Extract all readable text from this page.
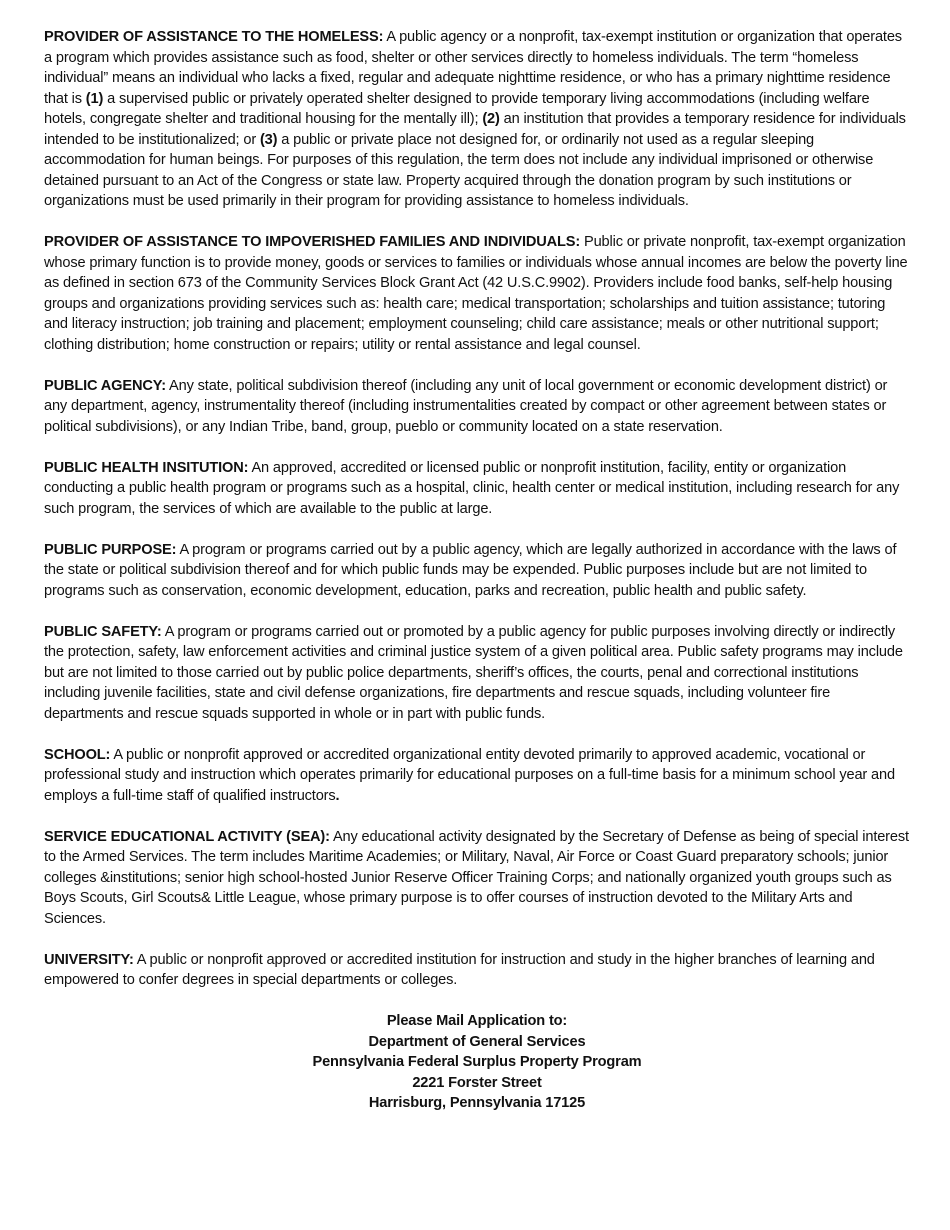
PROVIDER OF ASSISTANCE TO THE HOMELESS: A public agency or a nonprofit, tax-exempt institution or organization that operates a program which provides assistance such as food, shelter or other services directly to homeless individuals. The term “homeless individual” means an individual who lacks a fixed, regular and adequate nighttime residence, or who has a primary nighttime residence that is (1) a supervised public or privately operated shelter designed to provide temporary living accommodations (including welfare hotels, congregate shelter and traditional housing for the mentally ill); (2) an institution that provides a temporary residence for individuals intended to be institutionalized; or (3) a public or private place not designed for, or ordinarily not used as a regular sleeping accommodation for human beings. For purposes of this regulation, the term does not include any individual imprisoned or otherwise detained pursuant to an Act of the Congress or state law. Property acquired through the donation program by such institutions or organizations must be used primarily in their program for providing assistance to homeless individuals.

PROVIDER OF ASSISTANCE TO IMPOVERISHED FAMILIES AND INDIVIDUALS: Public or private nonprofit, tax-exempt organization whose primary function is to provide money, goods or services to families or individuals whose annual incomes are below the poverty line as defined in section 673 of the Community Services Block Grant Act (42 U.S.C.9902). Providers include food banks, self-help housing groups and organizations providing services such as: health care; medical transportation; scholarships and tuition assistance; tutoring and literacy instruction; job training and placement; employment counseling; child care assistance; meals or other nutritional support; clothing distribution; home construction or repairs; utility or rental assistance and legal counsel.

PUBLIC AGENCY: Any state, political subdivision thereof (including any unit of local government or economic development district) or any department, agency, instrumentality thereof (including instrumentalities created by compact or other agreement between states or political subdivisions), or any Indian Tribe, band, group, pueblo or community located on a state reservation.

PUBLIC HEALTH INSITUTION: An approved, accredited or licensed public or nonprofit institution, facility, entity or organization conducting a public health program or programs such as a hospital, clinic, health center or medical institution, including research for any such program, the services of which are available to the public at large.

PUBLIC PURPOSE: A program or programs carried out by a public agency, which are legally authorized in accordance with the laws of the state or political subdivision thereof and for which public funds may be expended. Public purposes include but are not limited to programs such as conservation, economic development, education, parks and recreation, public health and public safety.

PUBLIC SAFETY: A program or programs carried out or promoted by a public agency for public purposes involving directly or indirectly the protection, safety, law enforcement activities and criminal justice system of a given political area. Public safety programs may include but are not limited to those carried out by public police departments, sheriff’s offices, the courts, penal and correctional institutions including juvenile facilities, state and civil defense organizations, fire departments and rescue squads, including volunteer fire departments and rescue squads supported in whole or in part with public funds.

SCHOOL: A public or nonprofit approved or accredited organizational entity devoted primarily to approved academic, vocational or professional study and instruction which operates primarily for educational purposes on a full-time basis for a minimum school year and employs a full-time staff of qualified instructors.

SERVICE EDUCATIONAL ACTIVITY (SEA): Any educational activity designated by the Secretary of Defense as being of special interest to the Armed Services. The term includes Maritime Academies; or Military, Naval, Air Force or Coast Guard preparatory schools; junior colleges &institutions; senior high school-hosted Junior Reserve Officer Training Corps; and nationally organized youth groups such as Boys Scouts, Girl Scouts& Little League, whose primary purpose is to offer courses of instruction devoted to the Military Arts and Sciences.

UNIVERSITY: A public or nonprofit approved or accredited institution for instruction and study in the higher branches of learning and empowered to confer degrees in special departments or colleges.

Please Mail Application to:
Department of General Services
Pennsylvania Federal Surplus Property Program
2221 Forster Street
Harrisburg, Pennsylvania 17125
